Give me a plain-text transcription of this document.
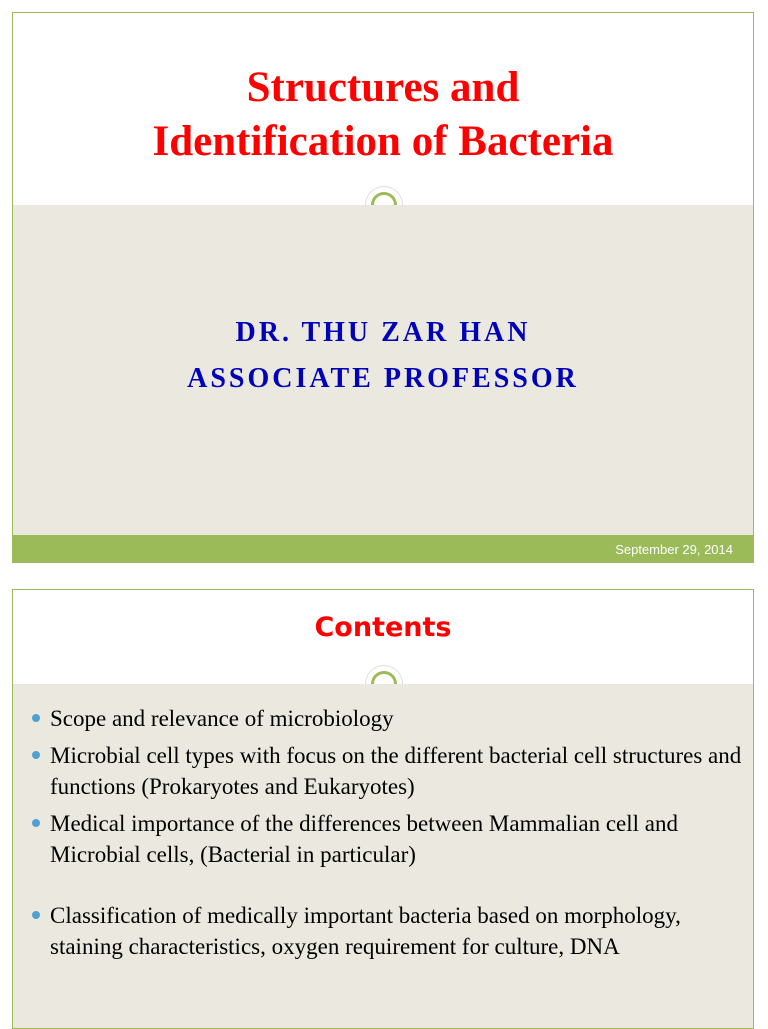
Structures and
Identification of Bacteria
DR. THU ZAR HAN
ASSOCIATE PROFESSOR
September 29, 2014
Contents
Scope and relevance of microbiology
Microbial cell types with focus on the different bacterial cell structures and functions (Prokaryotes and Eukaryotes)
Medical importance of the differences between Mammalian cell and Microbial cells, (Bacterial in particular)
Classification of medically important bacteria based on morphology, staining characteristics, oxygen requirement for culture, DNA
